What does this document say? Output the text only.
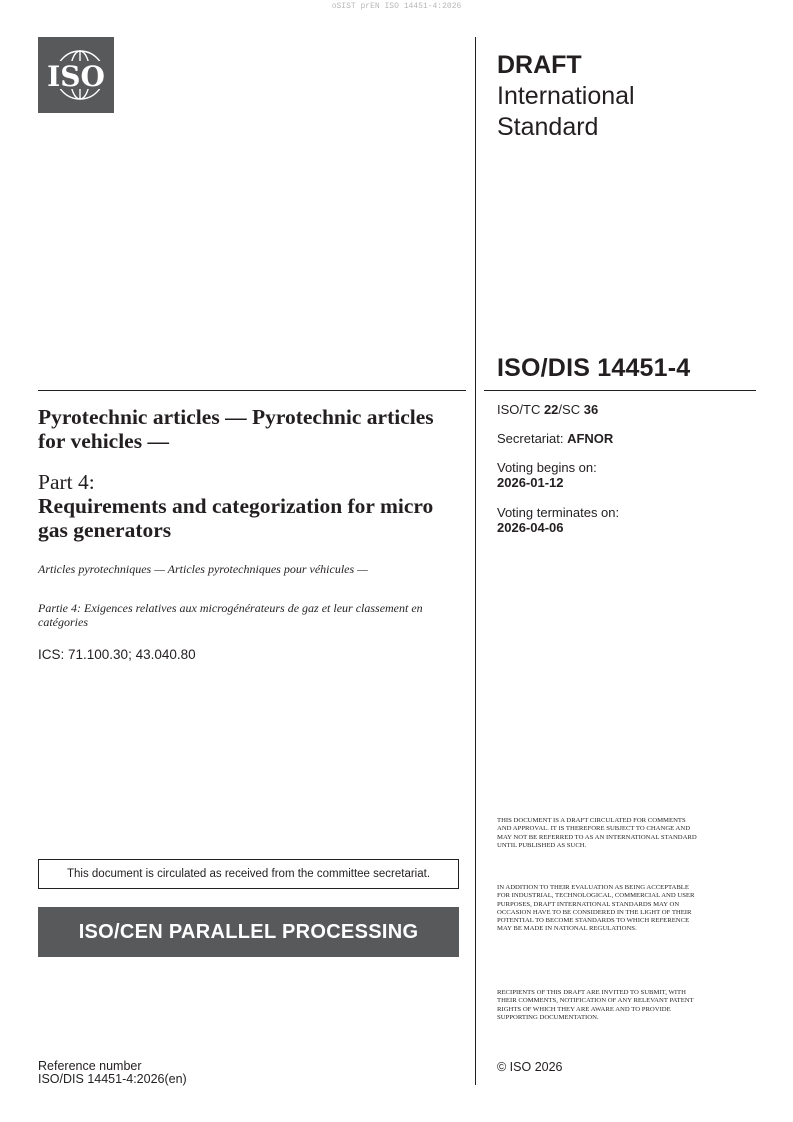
oSIST prEN ISO 14451-4:2026
ISO	DRAFT
International
Standard
ISO/DIS 14451-4
ISO/TC 22/SC 36
Secretariat: AFNOR
Voting begins on:
2026-01-12
Voting terminates on:
2026-04-06
Pyrotechnic articles — Pyrotechnic articles for vehicles —
Part 4:
Requirements and categorization for micro gas generators
Articles pyrotechniques — Articles pyrotechniques pour véhicules —
Partie 4: Exigences relatives aux microgénérateurs de gaz et leur classement en catégories
ICS: 71.100.30; 43.040.80
This document is circulated as received from the committee secretariat.
ISO/CEN PARALLEL PROCESSING
Reference number
ISO/DIS 14451-4:2026(en)
THIS DOCUMENT IS A DRAFT CIRCULATED FOR COMMENTS AND APPROVAL. IT IS THEREFORE SUBJECT TO CHANGE AND MAY NOT BE REFERRED TO AS AN INTERNATIONAL STANDARD UNTIL PUBLISHED AS SUCH.
IN ADDITION TO THEIR EVALUATION AS BEING ACCEPTABLE FOR INDUSTRIAL, TECHNOLOGICAL, COMMERCIAL AND USER PURPOSES, DRAFT INTERNATIONAL STANDARDS MAY ON OCCASION HAVE TO BE CONSIDERED IN THE LIGHT OF THEIR POTENTIAL TO BECOME STANDARDS TO WHICH REFERENCE MAY BE MADE IN NATIONAL REGULATIONS.
RECIPIENTS OF THIS DRAFT ARE INVITED TO SUBMIT, WITH THEIR COMMENTS, NOTIFICATION OF ANY RELEVANT PATENT RIGHTS OF WHICH THEY ARE AWARE AND TO PROVIDE SUPPORTING DOCUMENTATION.
© ISO 2026
